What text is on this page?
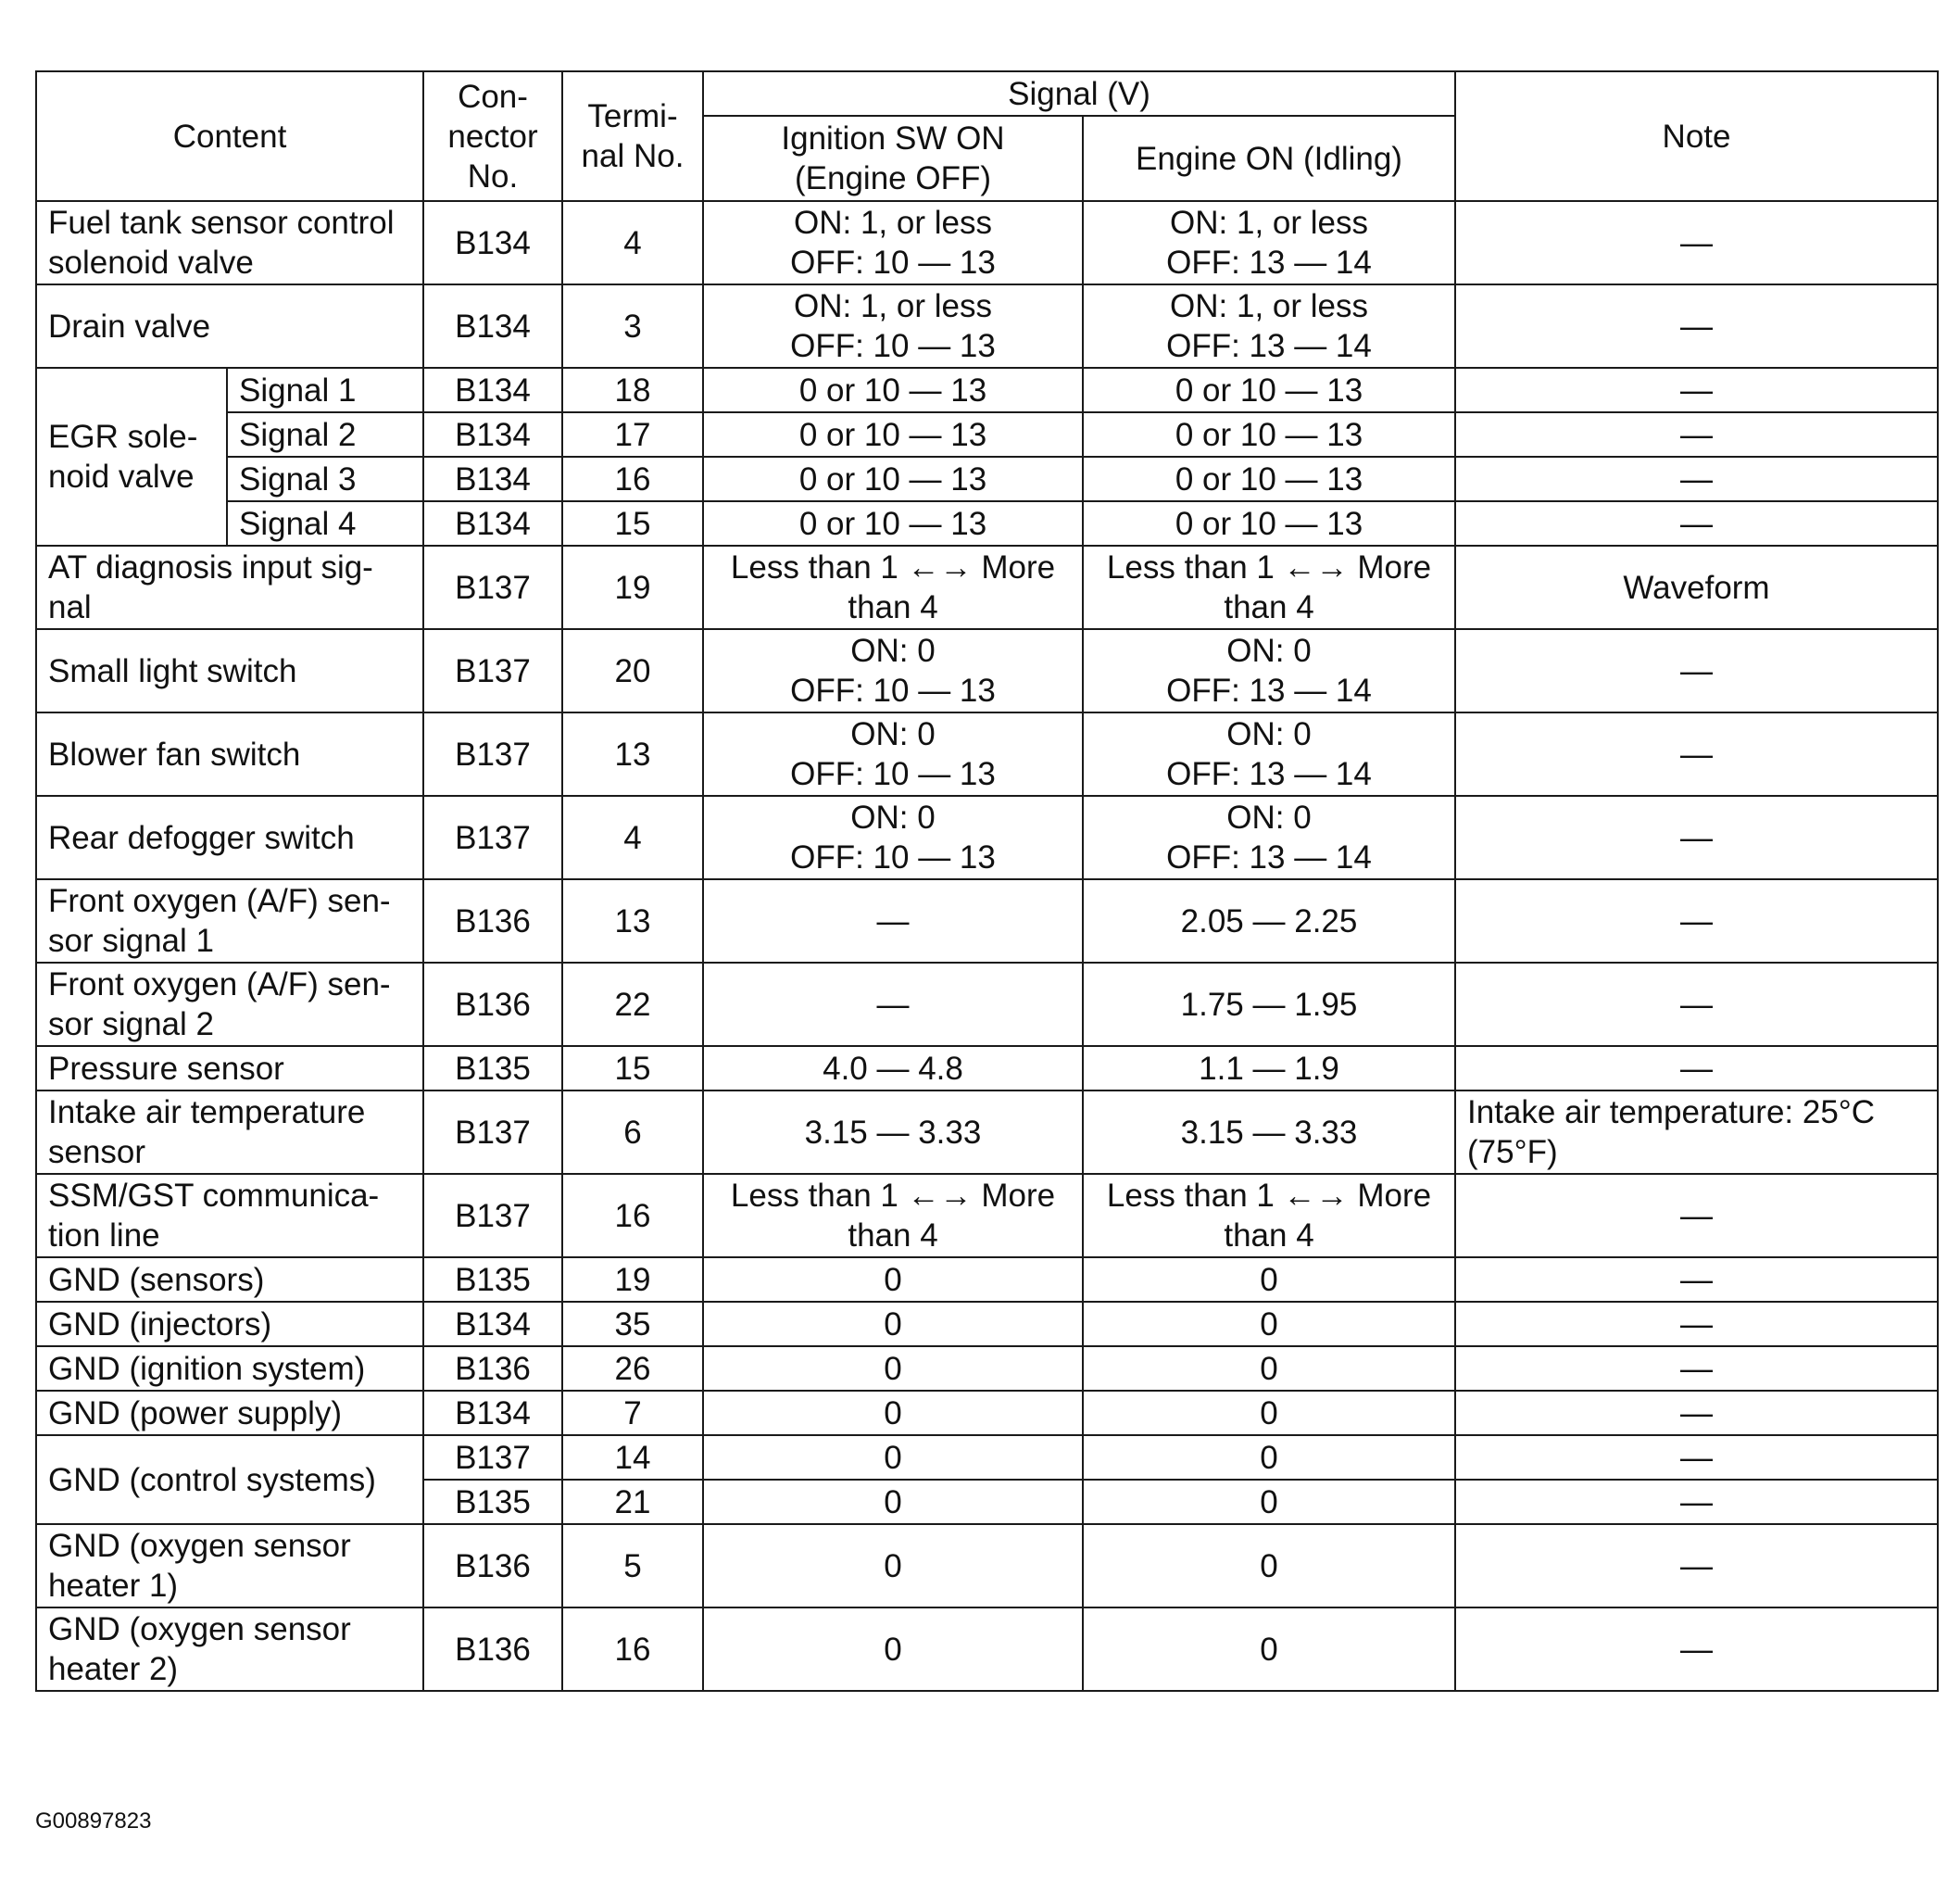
Content		Con-
nector
No.	Termi-
nal No.	Signal (V)		Note
				Ignition SW ON
(Engine OFF)	Engine ON (Idling)	
Fuel tank sensor control
solenoid valve		B134	4	ON: 1, or less
OFF: 10 — 13	ON: 1, or less
OFF: 13 — 14	—
Drain valve		B134	3	ON: 1, or less
OFF: 10 — 13	ON: 1, or less
OFF: 13 — 14	—
EGR sole-
noid valve	Signal 1	B134	18	0 or 10 — 13	0 or 10 — 13	—
	Signal 2	B134	17	0 or 10 — 13	0 or 10 — 13	—
	Signal 3	B134	16	0 or 10 — 13	0 or 10 — 13	—
	Signal 4	B134	15	0 or 10 — 13	0 or 10 — 13	—
AT diagnosis input sig-
nal		B137	19	Less than 1 ←→ More
than 4	Less than 1 ←→ More
than 4	Waveform
Small light switch		B137	20	ON: 0
OFF: 10 — 13	ON: 0
OFF: 13 — 14	—
Blower fan switch		B137	13	ON: 0
OFF: 10 — 13	ON: 0
OFF: 13 — 14	—
Rear defogger switch		B137	4	ON: 0
OFF: 10 — 13	ON: 0
OFF: 13 — 14	—
Front oxygen (A/F) sen-
sor signal 1		B136	13	—	2.05 — 2.25	—
Front oxygen (A/F) sen-
sor signal 2		B136	22	—	1.75 — 1.95	—
Pressure sensor		B135	15	4.0 — 4.8	1.1 — 1.9	—
Intake air temperature
sensor		B137	6	3.15 — 3.33	3.15 — 3.33	Intake air temperature: 25°C
(75°F)
SSM/GST communica-
tion line		B137	16	Less than 1 ←→ More
than 4	Less than 1 ←→ More
than 4	—
GND (sensors)		B135	19	0	0	—
GND (injectors)		B134	35	0	0	—
GND (ignition system)		B136	26	0	0	—
GND (power supply)		B134	7	0	0	—
GND (control systems)		B137	14	0	0	—
		B135	21	0	0	—
GND (oxygen sensor
heater 1)		B136	5	0	0	—
GND (oxygen sensor
heater 2)		B136	16	0	0	—
G00897823
